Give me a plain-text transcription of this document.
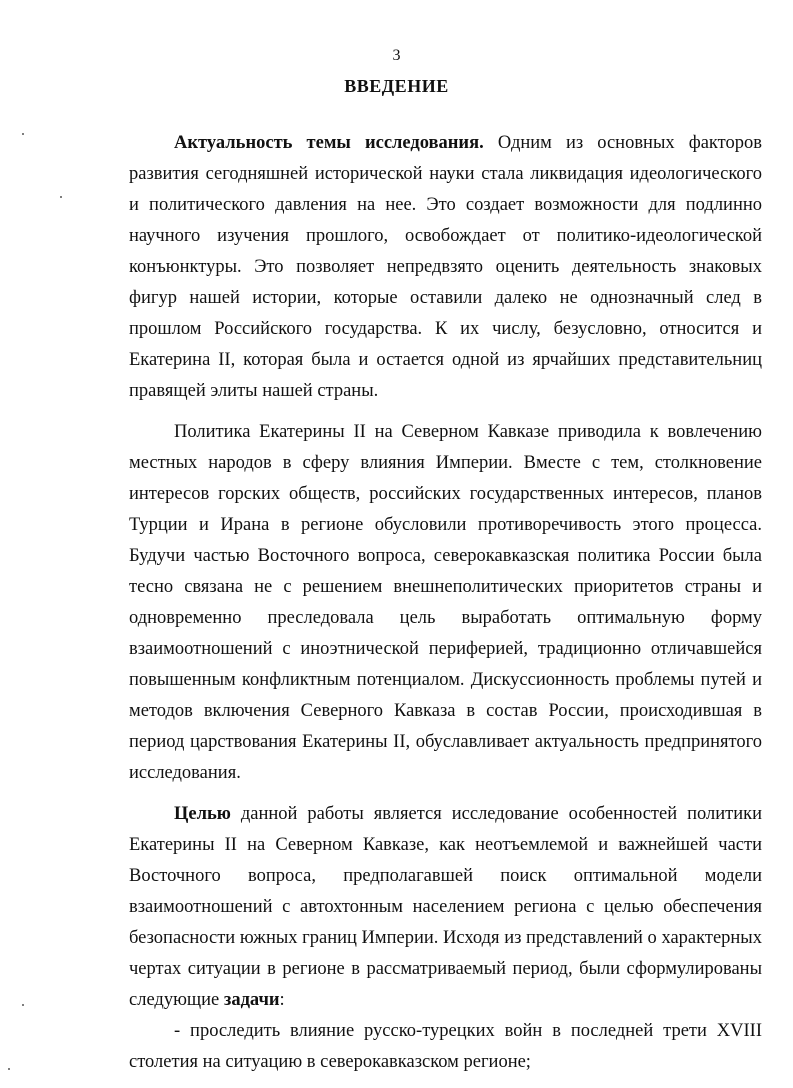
3
ВВЕДЕНИЕ

Актуальность темы исследования. Одним из основных факторов развития сегодняшней исторической науки стала ликвидация идеологического и политического давления на нее. Это создает возможности для подлинно научного изучения прошлого, освобождает от политико-идеологической конъюнктуры. Это позволяет непредвзято оценить деятельность знаковых фигур нашей истории, которые оставили далеко не однозначный след в прошлом Российского государства. К их числу, безусловно, относится и Екатерина II, которая была и остается одной из ярчайших представительниц правящей элиты нашей страны.

Политика Екатерины II на Северном Кавказе приводила к вовлечению местных народов в сферу влияния Империи. Вместе с тем, столкновение интересов горских обществ, российских государственных интересов, планов Турции и Ирана в регионе обусловили противоречивость этого процесса. Будучи частью Восточного вопроса, северокавказская политика России была тесно связана не с решением внешнеполитических приоритетов страны и одновременно преследовала цель выработать оптимальную форму взаимоотношений с иноэтнической периферией, традиционно отличавшейся повышенным конфликтным потенциалом. Дискуссионность проблемы путей и методов включения Северного Кавказа в состав России, происходившая в период царствования Екатерины II, обуславливает актуальность предпринятого исследования.

Целью данной работы является исследование особенностей политики Екатерины II на Северном Кавказе, как неотъемлемой и важнейшей части Восточного вопроса, предполагавшей поиск оптимальной модели взаимоотношений с автохтонным населением региона с целью обеспечения безопасности южных границ Империи. Исходя из представлений о характерных чертах ситуации в регионе в рассматриваемый период, были сформулированы следующие задачи:

- проследить влияние русско-турецких войн в последней трети XVIII столетия на ситуацию в северокавказском регионе;
